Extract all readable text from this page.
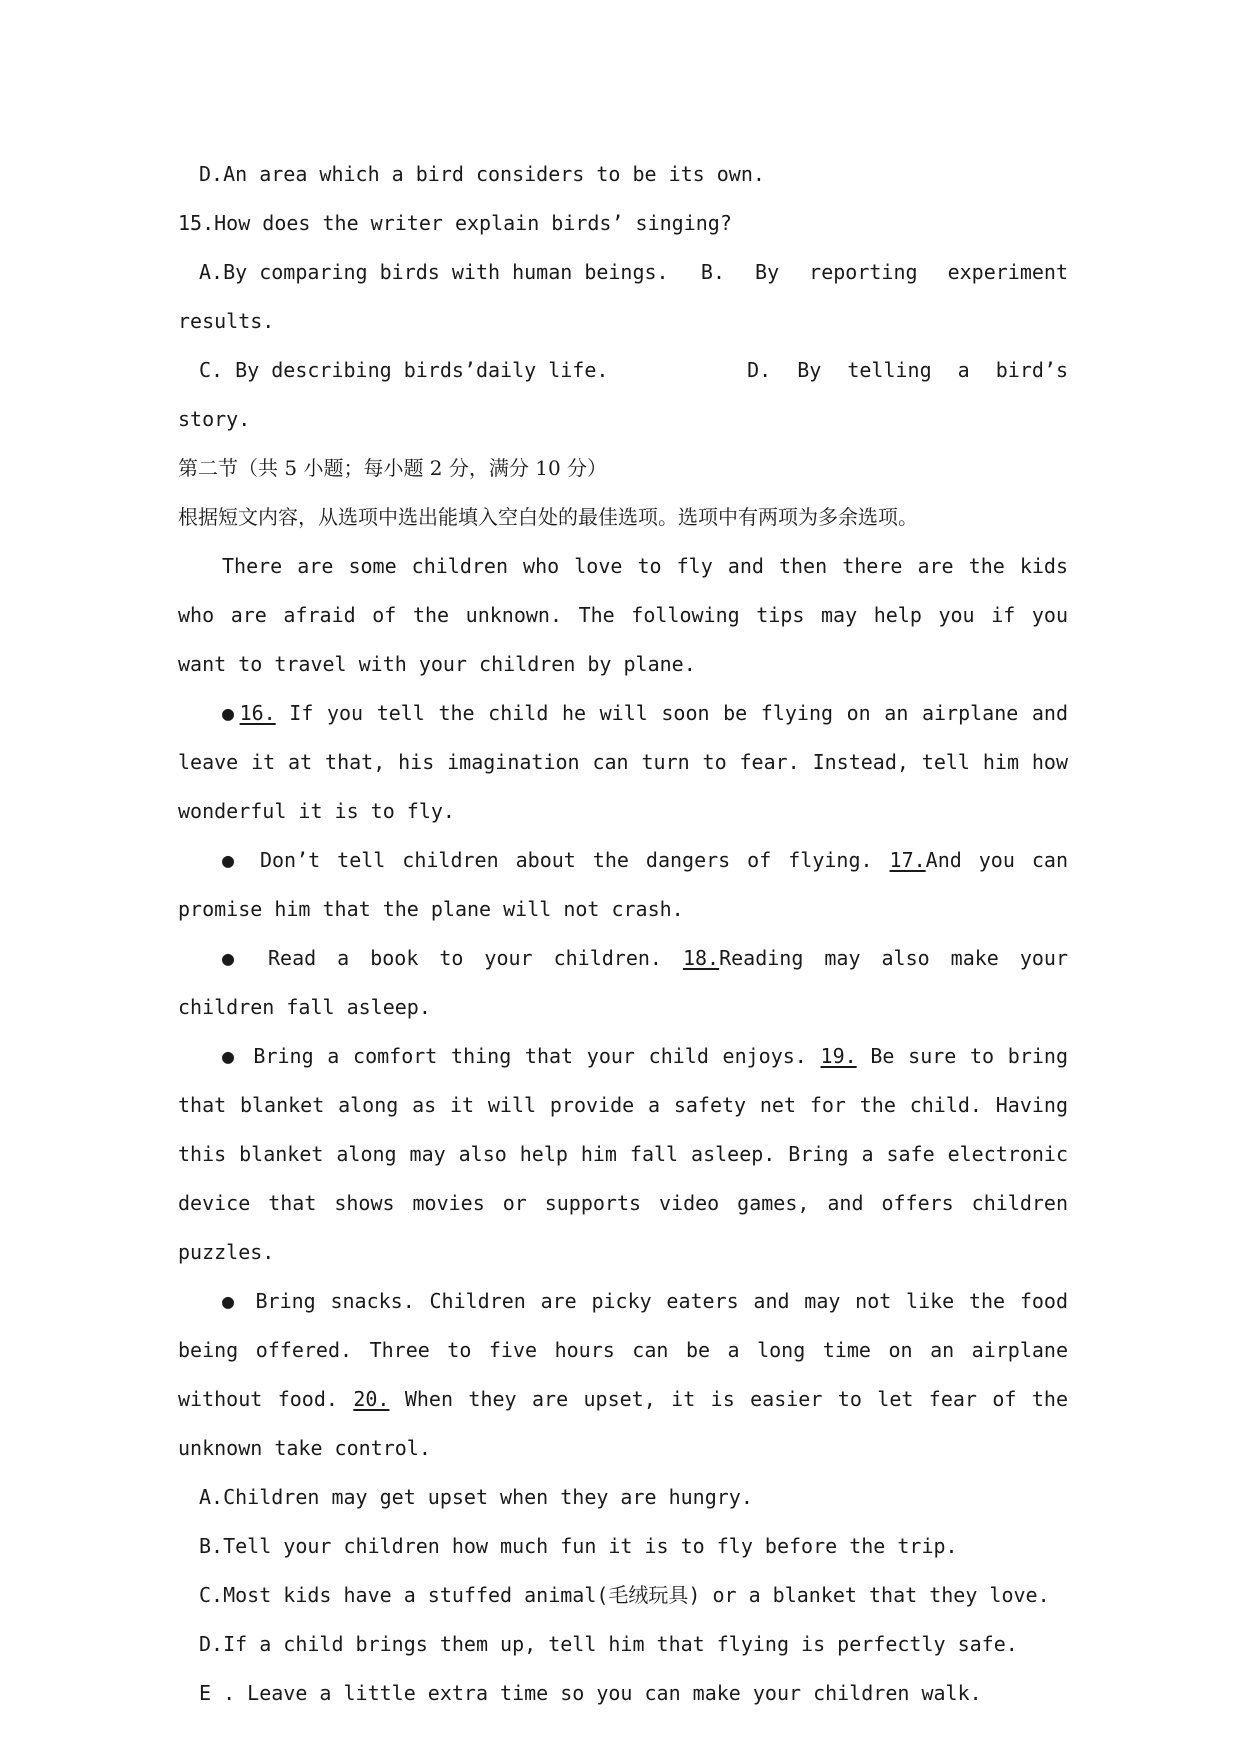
D.An area which a bird considers to be its own.

15.How does the writer explain birds’ singing?

A.By comparing birds with human beings. B. By reporting experiment

results.

C. By describing birds’daily life.	D. By telling a bird’s

story.

第二节（共 5 小题；每小题 2 分，满分 10 分）

根据短文内容，从选项中选出能填入空白处的最佳选项。选项中有两项为多余选项。

There are some children who love to fly and then there are the kids who are afraid of the unknown. The following tips may help you if you want to travel with your children by plane.

● 16. If you tell the child he will soon be flying on an airplane and leave it at that, his imagination can turn to fear. Instead, tell him how wonderful it is to fly.

● Don’t tell children about the dangers of flying. 17.And you can promise him that the plane will not crash.

● Read a book to your children. 18.Reading may also make your children fall asleep.

● Bring a comfort thing that your child enjoys. 19. Be sure to bring that blanket along as it will provide a safety net for the child. Having this blanket along may also help him fall asleep. Bring a safe electronic device that shows movies or supports video games, and offers children puzzles.

● Bring snacks. Children are picky eaters and may not like the food being offered. Three to five hours can be a long time on an airplane without food. 20. When they are upset, it is easier to let fear of the unknown take control.

A.Children may get upset when they are hungry.

B.Tell your children how much fun it is to fly before the trip.

C.Most kids have a stuffed animal(毛绒玩具) or a blanket that they love.

D.If a child brings them up, tell him that flying is perfectly safe.

E . Leave a little extra time so you can make your children walk.
